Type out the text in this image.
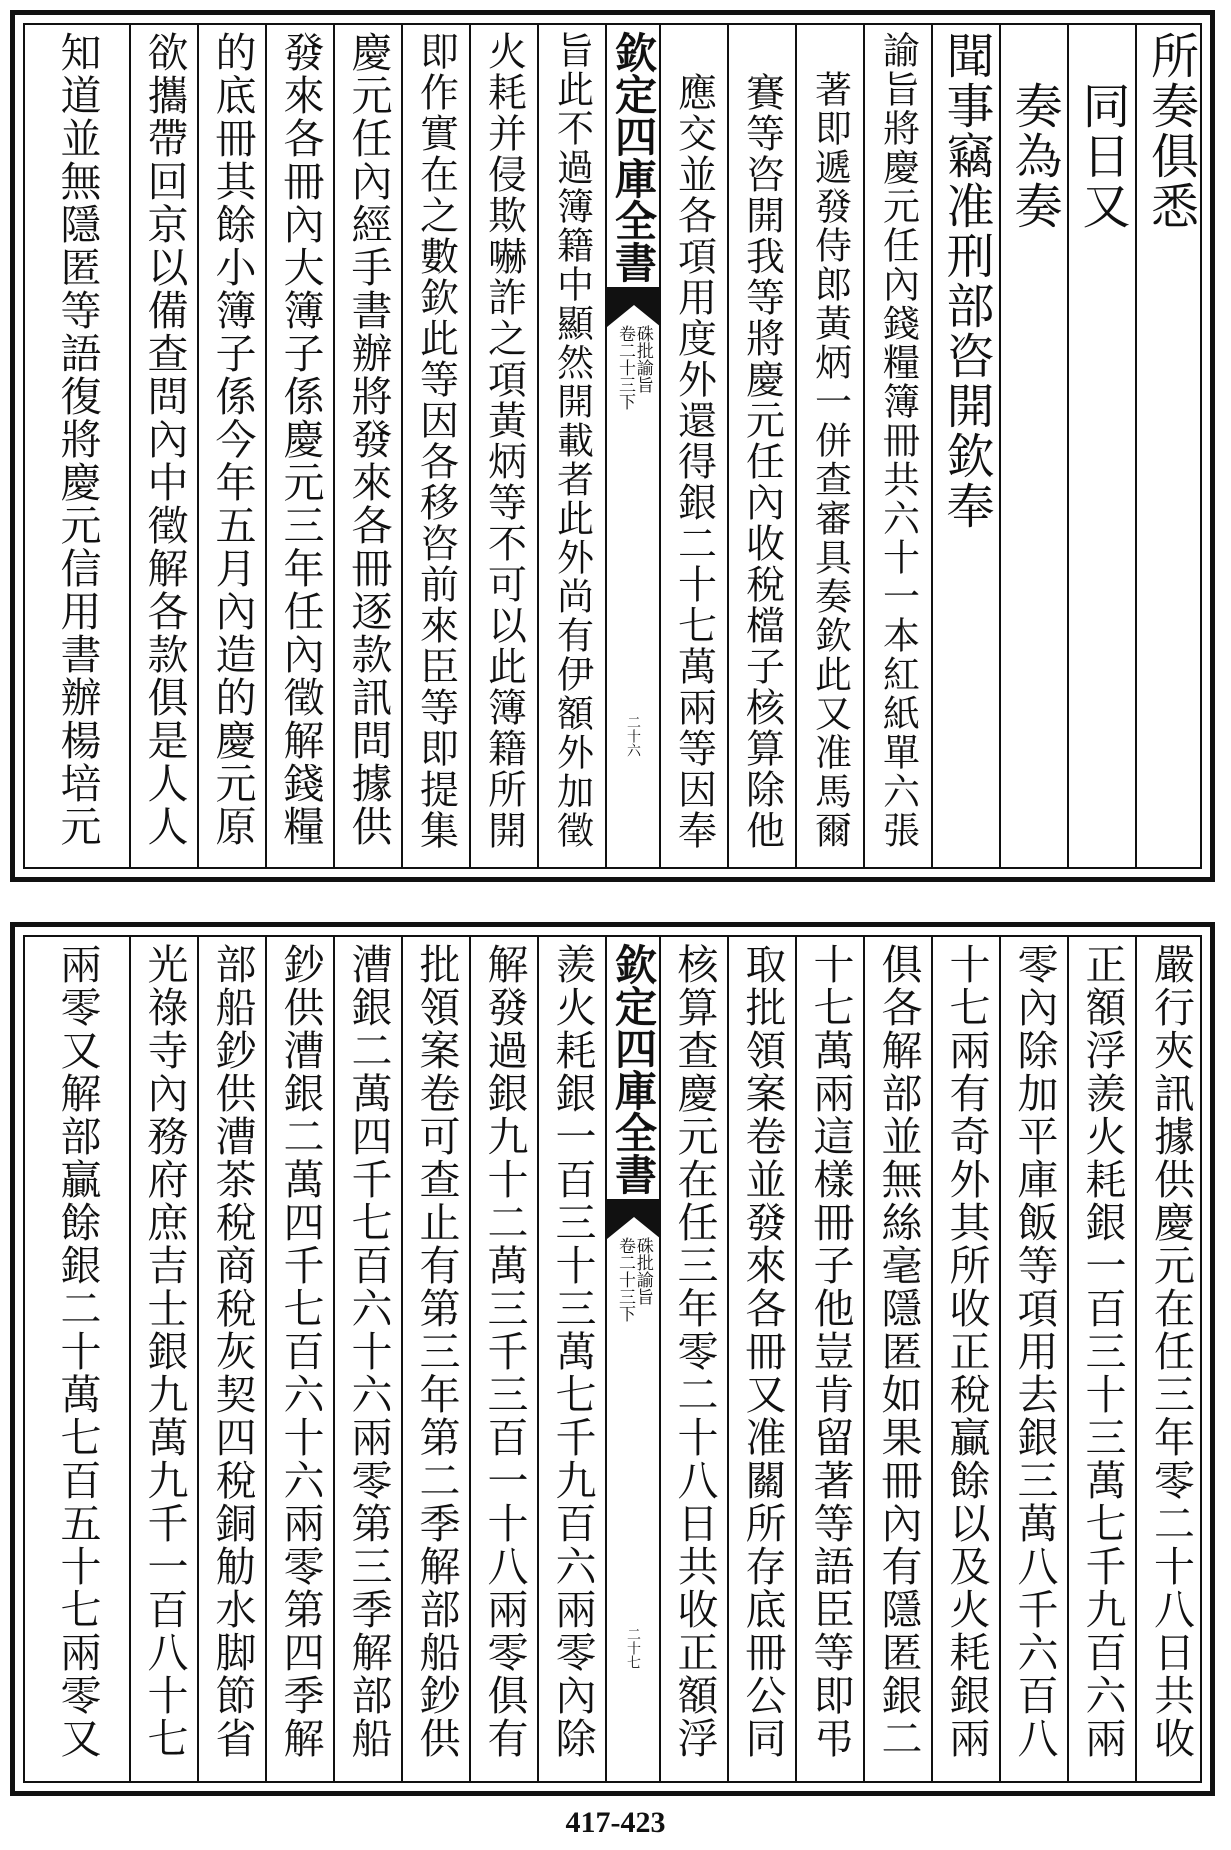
所奏俱悉
　同日又
　奏為奏
聞事竊准刑部咨開欽奉
諭旨將慶元任內錢糧簿冊共六十一本紅紙單六張
　著即遞發侍郎黃炳一併查審具奏欽此又准馬爾
　賽等咨開我等將慶元任內收稅檔子核算除他
　應交並各項用度外還得銀二十七萬兩等因奉
欽定四庫全書
硃批諭旨
卷二十三下
二十六
旨此不過簿籍中顯然開載者此外尚有伊額外加徵
火耗并侵欺嚇詐之項黃炳等不可以此簿籍所開
即作實在之數欽此等因各移咨前來臣等即提集
慶元任內經手書辦將發來各冊逐款訊問據供
發來各冊內大簿子係慶元三年任內徵解錢糧
的底冊其餘小簿子係今年五月內造的慶元原
欲攜帶回京以備查問內中徵解各款俱是人人
知道並無隱匿等語復將慶元信用書辦楊培元
嚴行夾訊據供慶元在任三年零二十八日共收
正額浮羨火耗銀一百三十三萬七千九百六兩
零內除加平庫飯等項用去銀三萬八千六百八
十七兩有奇外其所收正稅贏餘以及火耗銀兩
俱各解部並無絲毫隱匿如果冊內有隱匿銀二
十七萬兩這樣冊子他豈肯留著等語臣等即弔
取批領案卷並發來各冊又准關所存底冊公同
核算查慶元在任三年零二十八日共收正額浮
欽定四庫全書
硃批諭旨
卷二十三下
二十七
羨火耗銀一百三十三萬七千九百六兩零內除
解發過銀九十二萬三千三百一十八兩零俱有
批領案卷可查止有第三年第二季解部船鈔供
漕銀二萬四千七百六十六兩零第三季解部船
鈔供漕銀二萬四千七百六十六兩零第四季解
部船鈔供漕茶稅商稅灰契四稅銅觔水脚節省
光祿寺內務府庶吉士銀九萬九千一百八十七
兩零又解部贏餘銀二十萬七百五十七兩零又
417-423
